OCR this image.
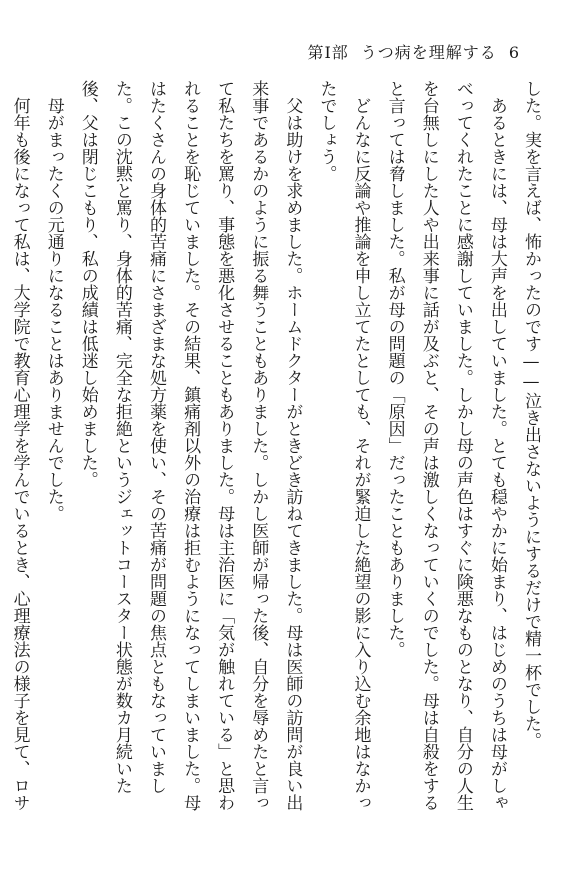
第Ⅰ部 うつ病を理解する 6

した。実を言えば、怖かったのです——泣き出さないようにするだけで精一杯でした。

　あるときには、母は大声を出していました。とても穏やかに始まり、はじめのうちは母がしゃべってくれたことに感謝していました。しかし母の声色はすぐに険悪なものとなり、自分の人生を台無しにした人や出来事に話が及ぶと、その声は激しくなっていくのでした。母は自殺をすると言っては脅しました。私が母の問題の「原因」だったこともありました。

　どんなに反論や推論を申し立てたとしても、それが緊迫した絶望の影に入り込む余地はなかったでしょう。

　父は助けを求めました。ホームドクターがときどき訪ねてきました。母は医師の訪問が良い出来事であるかのように振る舞うこともありました。しかし医師が帰った後、自分を辱めたと言って私たちを罵り、事態を悪化させることもありました。母は主治医に「気が触れている」と思われることを恥じていました。その結果、鎮痛剤以外の治療は拒むようになってしまいました。母はたくさんの身体的苦痛にさまざまな処方薬を使い、その苦痛が問題の焦点ともなっていました。この沈黙と罵り、身体的苦痛、完全な拒絶というジェットコースター状態が数カ月続いた後、父は閉じこもり、私の成績は低迷し始めました。

　母がまったくの元通りになることはありませんでした。

　何年も後になって私は、大学院で教育心理学を学んでいるとき、心理療法の様子を見て、ロサ
